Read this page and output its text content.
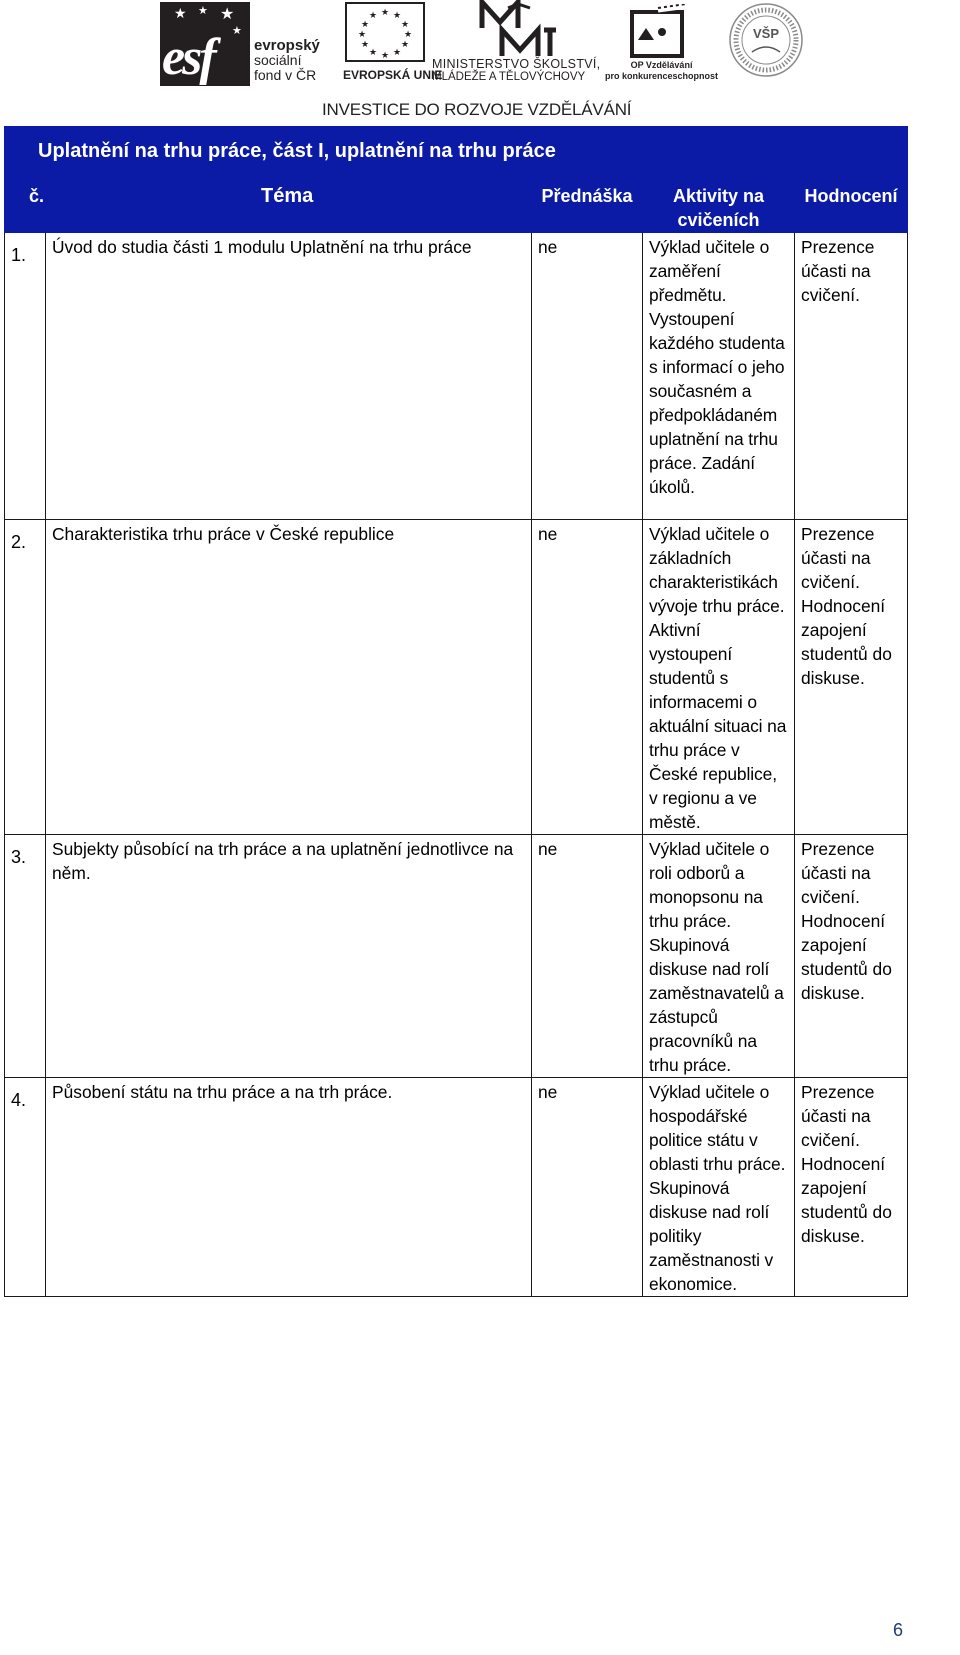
★ ★ ★
★
esf	evropský
sociální
fond v ČR
★ ★
★
★
★
★
★
★
★
★
★
★
EVROPSKÁ UNIE
MINISTERSTVO ŠKOLSTVÍ,
MLÁDEŽE A TĚLOVÝCHOVY
OP Vzdělávání
pro konkurenceschopnost
VŠP
INVESTICE DO ROZVOJE VZDĚLÁVÁNÍ
Uplatnění na trhu práce, část I, uplatnění na trhu práce				

č.	Téma	Přednáška	Aktivity na cvičeních	Hodnocení

1.	Úvod do studia části 1 modulu Uplatnění na trhu práce	ne	Výklad učitele o zaměření předmětu. Vystoupení každého studenta s informací o jeho současném a předpokládaném uplatnění na trhu práce. Zadání úkolů.	Prezence účasti na cvičení.

2.	Charakteristika trhu práce v České republice	ne	Výklad učitele o základních charakteristikách vývoje trhu práce. Aktivní vystoupení studentů s informacemi o aktuální situaci na trhu práce v České republice, v regionu a ve městě.	Prezence účasti na cvičení. Hodnocení zapojení studentů do diskuse.

3.	Subjekty působící na trh práce a na uplatnění jednotlivce na něm.	ne	Výklad učitele o roli odborů a monopsonu na trhu práce. Skupinová diskuse nad rolí zaměstnavatelů a zástupců pracovníků na trhu práce.	Prezence účasti na cvičení. Hodnocení zapojení studentů do diskuse.

4.	Působení státu na trhu práce a na trh práce.	ne	Výklad učitele o hospodářské politice státu v oblasti trhu práce. Skupinová diskuse nad rolí politiky zaměstnanosti v ekonomice.	Prezence účasti na cvičení. Hodnocení zapojení studentů do diskuse.
6
